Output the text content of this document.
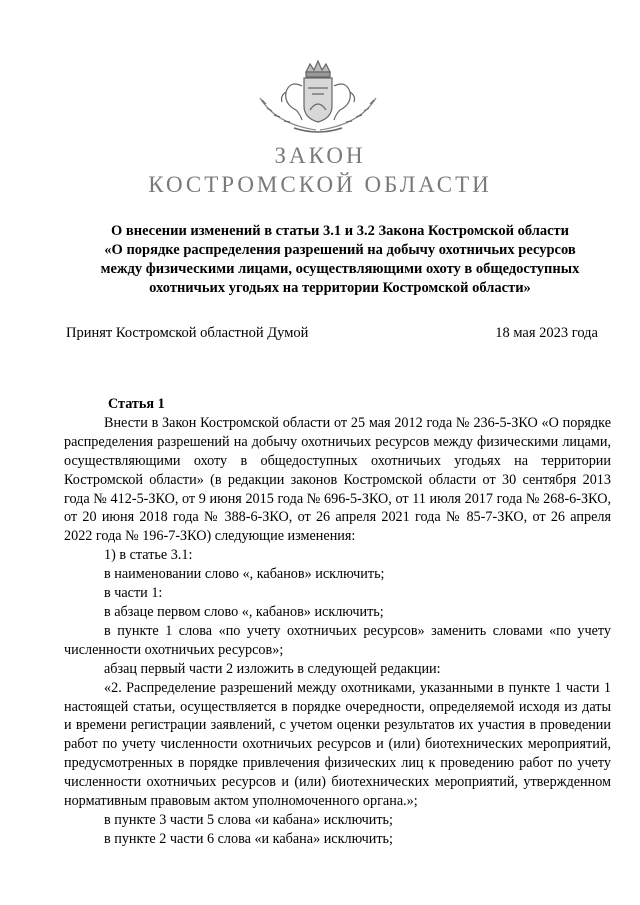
ЗАКОН
КОСТРОМСКОЙ ОБЛАСТИ
О внесении изменений в статьи 3.1 и 3.2 Закона Костромской области
«О порядке распределения разрешений на добычу охотничьих ресурсов
между физическими лицами, осуществляющими охоту в общедоступных
охотничьих угодьях на территории Костромской области»
Принят Костромской областной Думой	18 мая 2023 года
Статья 1

Внести в Закон Костромской области от 25 мая 2012 года № 236-5-ЗКО «О порядке распределения разрешений на добычу охотничьих ресурсов между физическими лицами, осуществляющими охоту в общедоступных охотничьих угодьях на территории Костромской области» (в редакции законов Костромской области от 30 сентября 2013 года № 412-5-ЗКО, от 9 июня 2015 года № 696-5-ЗКО, от 11 июля 2017 года № 268-6-ЗКО, от 20 июня 2018 года № 388-6-ЗКО, от 26 апреля 2021 года № 85-7-ЗКО, от 26 апреля 2022 года № 196-7-ЗКО) следующие изменения:

1) в статье 3.1:

в наименовании слово «, кабанов» исключить;

в части 1:

в абзаце первом слово «, кабанов» исключить;

в пункте 1 слова «по учету охотничьих ресурсов» заменить словами «по учету численности охотничьих ресурсов»;

абзац первый части 2 изложить в следующей редакции:

«2. Распределение разрешений между охотниками, указанными в пункте 1 части 1 настоящей статьи, осуществляется в порядке очередности, определяемой исходя из даты и времени регистрации заявлений, с учетом оценки результатов их участия в проведении работ по учету численности охотничьих ресурсов и (или) биотехнических мероприятий, предусмотренных в порядке привлечения физических лиц к проведению работ по учету численности охотничьих ресурсов и (или) биотехнических мероприятий, утвержденном нормативным правовым актом уполномоченного органа.»;

в пункте 3 части 5 слова «и кабана» исключить;

в пункте 2 части 6 слова «и кабана» исключить;
